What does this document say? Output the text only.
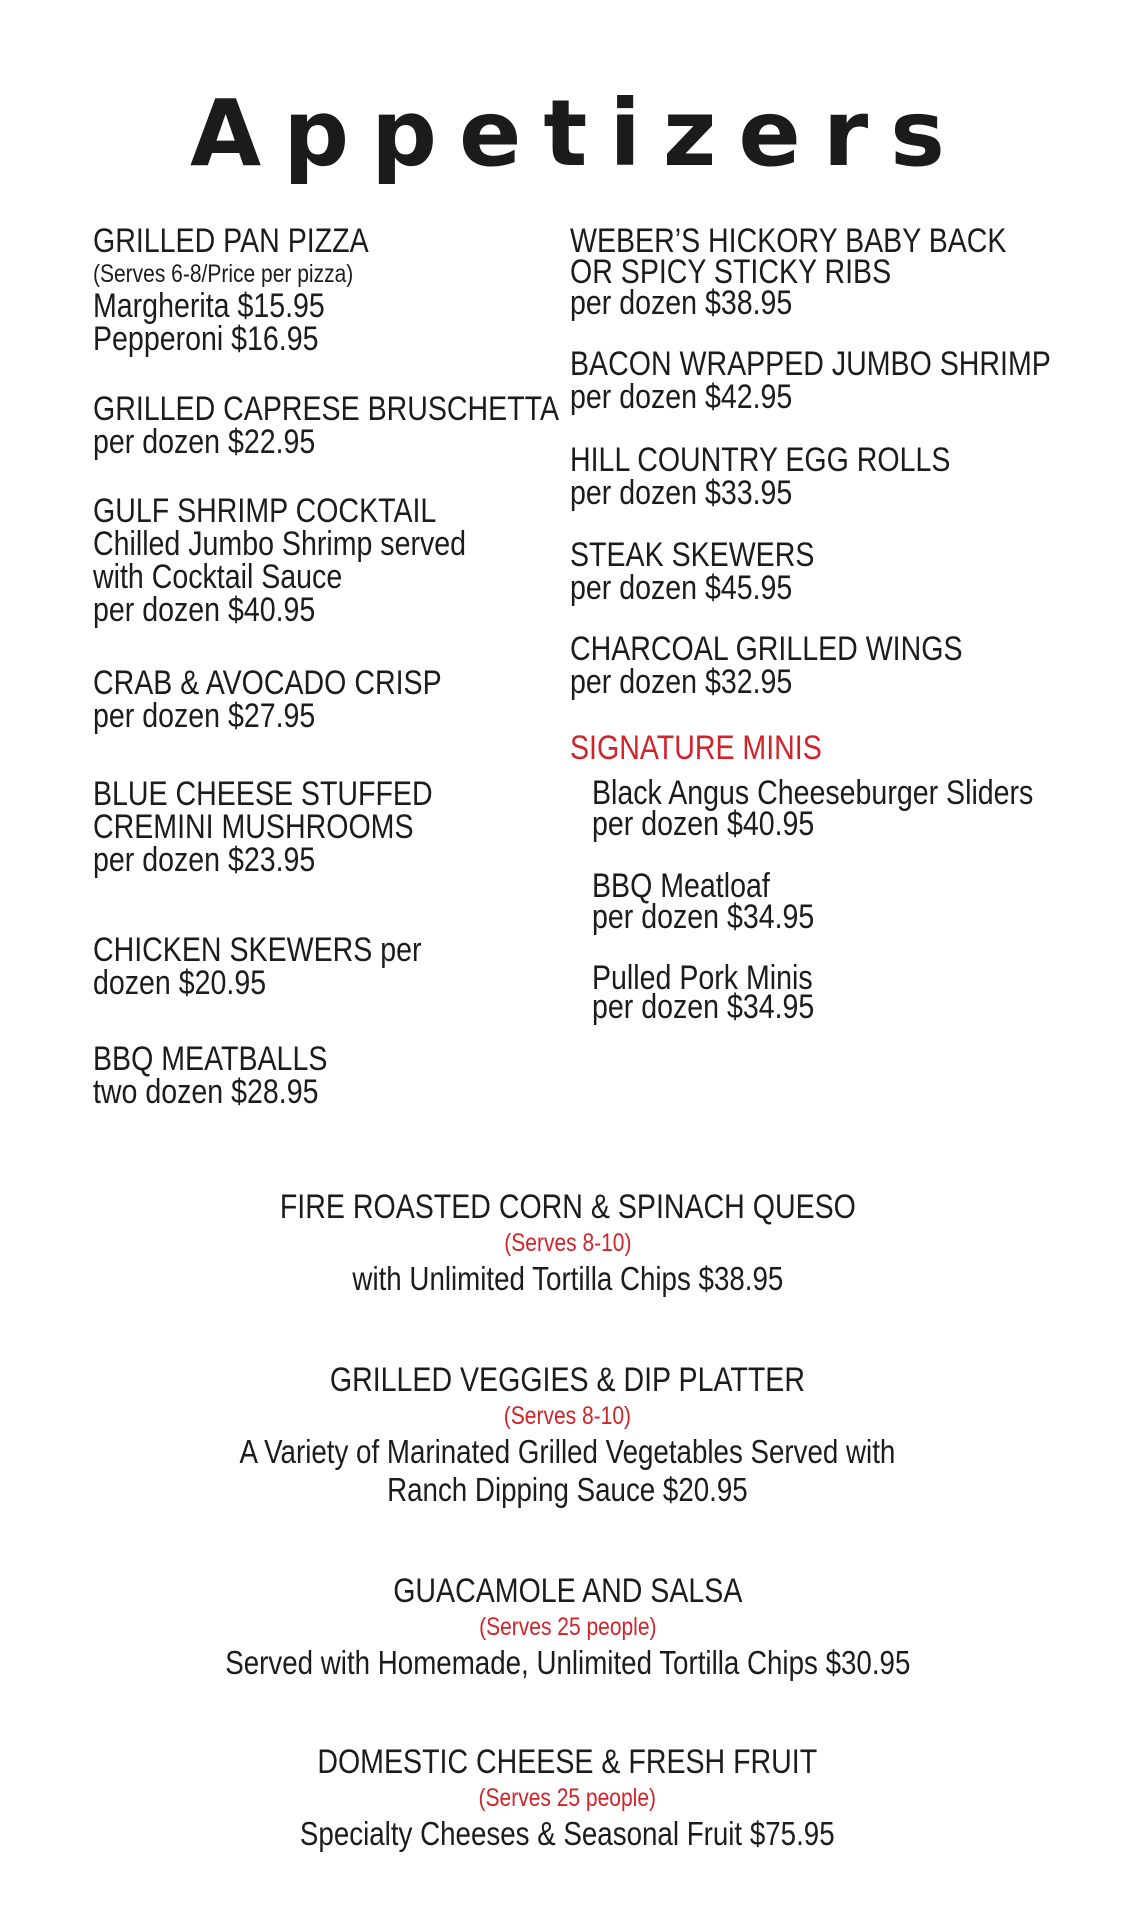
Appetizers
GRILLED PAN PIZZA
(Serves 6-8/Price per pizza)
Margherita $15.95
Pepperoni $16.95
GRILLED CAPRESE BRUSCHETTA
per dozen $22.95
GULF SHRIMP COCKTAIL
Chilled Jumbo Shrimp served
with Cocktail Sauce
per dozen $40.95
CRAB & AVOCADO CRISP
per dozen $27.95
BLUE CHEESE STUFFED
CREMINI MUSHROOMS
per dozen $23.95
CHICKEN SKEWERS per
dozen $20.95
BBQ MEATBALLS
two dozen $28.95
WEBER’S HICKORY BABY BACK
OR SPICY STICKY RIBS
per dozen $38.95
BACON WRAPPED JUMBO SHRIMP
per dozen $42.95
HILL COUNTRY EGG ROLLS
per dozen $33.95
STEAK SKEWERS
per dozen $45.95
CHARCOAL GRILLED WINGS
per dozen $32.95
SIGNATURE MINIS
Black Angus Cheeseburger Sliders
per dozen $40.95
BBQ Meatloaf
per dozen $34.95
Pulled Pork Minis
per dozen $34.95
FIRE ROASTED CORN & SPINACH QUESO
(Serves 8-10)
with Unlimited Tortilla Chips $38.95
GRILLED VEGGIES & DIP PLATTER
(Serves 8-10)
A Variety of Marinated Grilled Vegetables Served with
Ranch Dipping Sauce $20.95
GUACAMOLE AND SALSA
(Serves 25 people)
Served with Homemade, Unlimited Tortilla Chips $30.95
DOMESTIC CHEESE & FRESH FRUIT
(Serves 25 people)
Specialty Cheeses & Seasonal Fruit $75.95
